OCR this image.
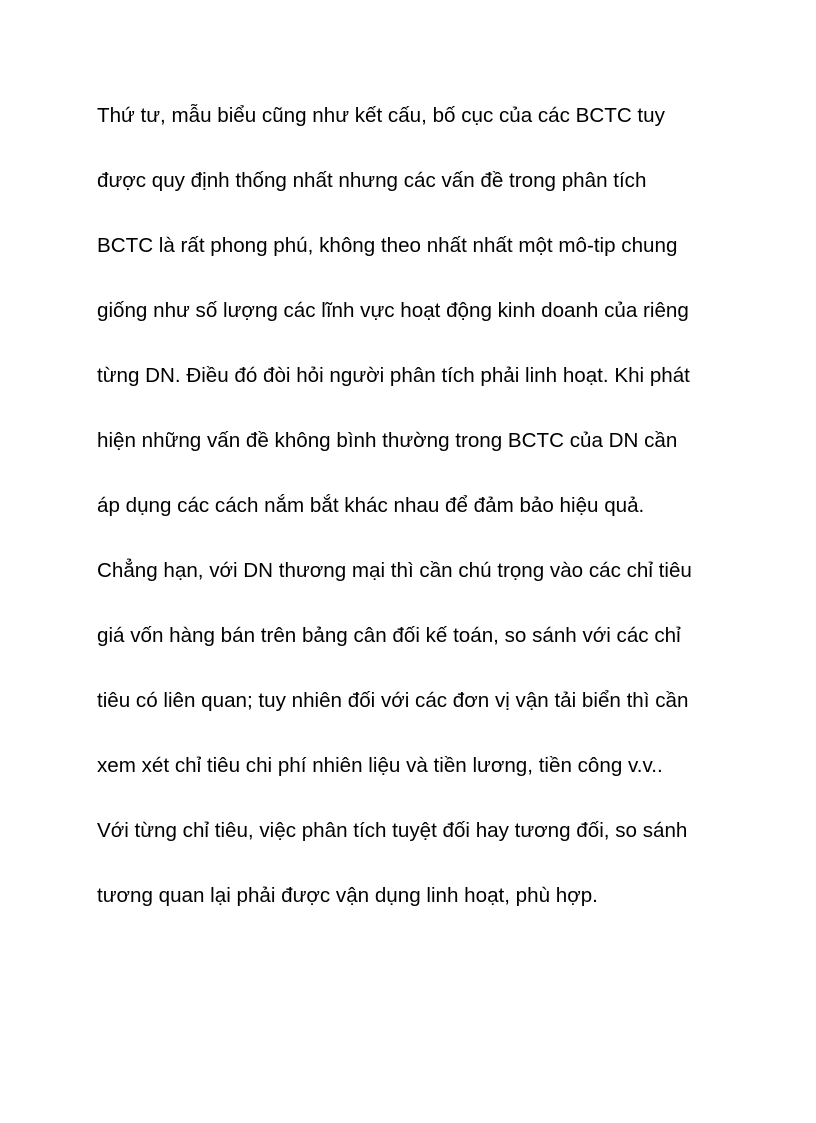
Thứ tư, mẫu biểu cũng như kết cấu, bố cục của các BCTC tuy
được quy định thống nhất nhưng các vấn đề trong phân tích
BCTC là rất phong phú, không theo nhất nhất một mô-tip chung
giống như số lượng các lĩnh vực hoạt động kinh doanh của riêng
từng DN. Điều đó đòi hỏi người phân tích phải linh hoạt. Khi phát
hiện những vấn đề không bình thường trong BCTC của DN cần
áp dụng các cách nắm bắt khác nhau để đảm bảo hiệu quả.
Chẳng hạn, với DN thương mại thì cần chú trọng vào các chỉ tiêu
giá vốn hàng bán trên bảng cân đối kế toán, so sánh với các chỉ
tiêu có liên quan; tuy nhiên đối với các đơn vị vận tải biển thì cần
xem xét chỉ tiêu chi phí nhiên liệu và tiền lương, tiền công v.v..
Với từng chỉ tiêu, việc phân tích tuyệt đối hay tương đối, so sánh
tương quan lại phải được vận dụng linh hoạt, phù hợp.
